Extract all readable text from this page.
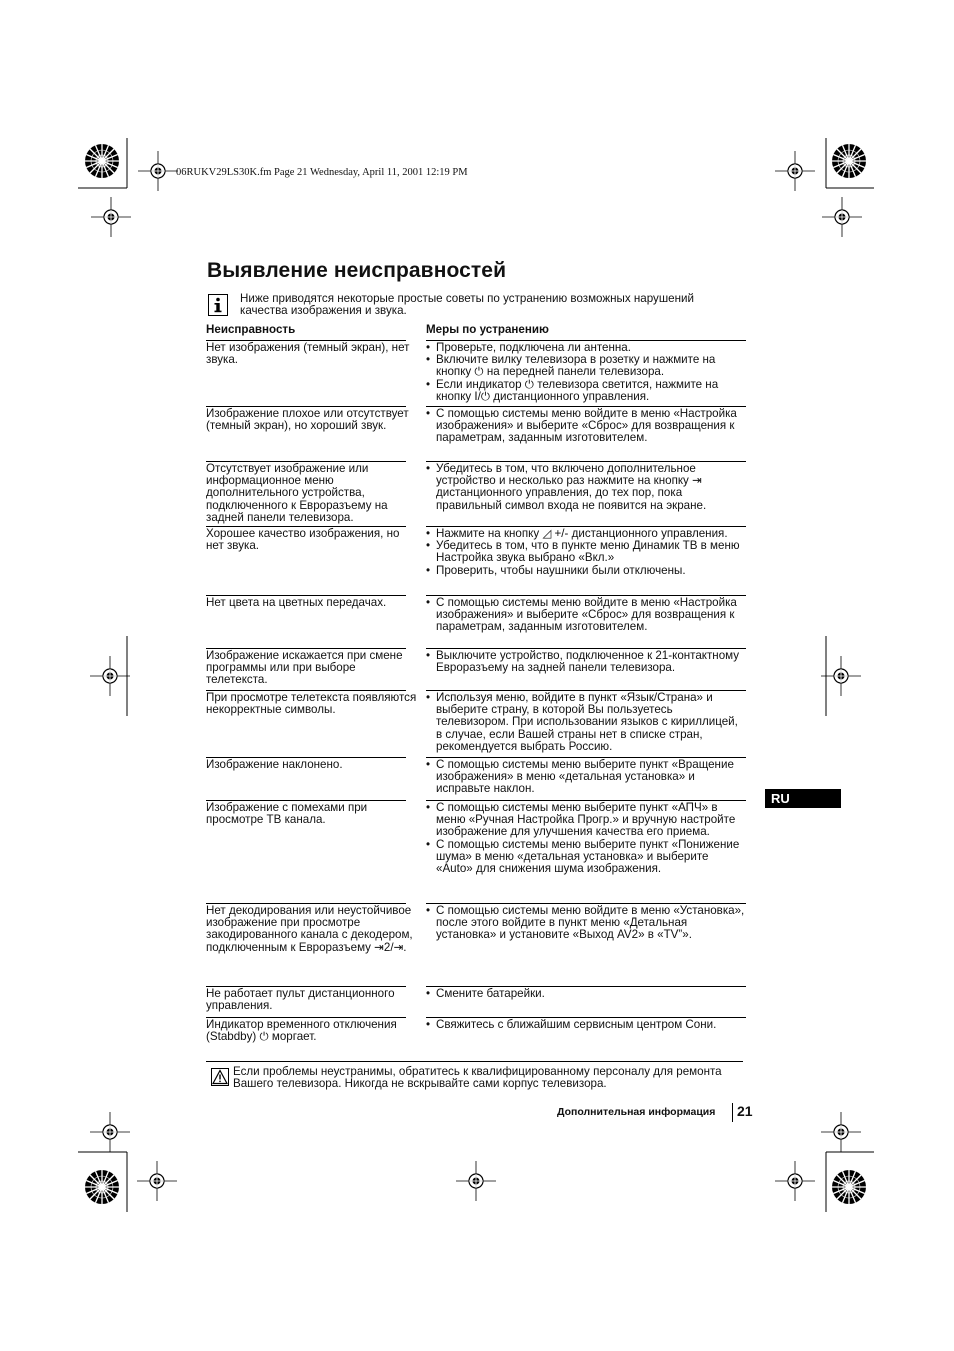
06RUKV29LS30K.fm Page 21 Wednesday, April 11, 2001 12:19 PM
Выявление неисправностей
Ниже приводятся некоторые простые советы по устранению возможных нарушений качества изображения и звука.
Неисправность	Меры по устранению
Нет изображения (темный экран), нет звука.
• Проверьте, подключена ли антенна.
• Включите вилку телевизора в розетку и нажмите на кнопку ⏻ на передней панели телевизора.
• Если индикатор ⏻ телевизора светится, нажмите на кнопку I/⏻ дистанционного управления.
Изображение плохое или отсутствует (темный экран), но хороший звук.
• С помощью системы меню войдите в меню «Настройка изображения» и выберите «Сброс» для возвращения к параметрам, заданным изготовителем.
Отсутствует изображение или информационное меню дополнительного устройства, подключенного к Еврoразъему на задней панели телевизора.
• Убедитесь в том, что включено дополнительное устройство и несколько раз нажмите на кнопку ⇥ дистанционного управления, до тех пор, пока правильный символ входа не появится на экране.
Хорошее качество изображения, но нет звука.
• Нажмите на кнопку ◿ +/- дистанционного управления.
• Убедитесь в том, что в пункте меню Динамик ТВ в меню Настройка звука выбрано «Вкл.»
• Проверить, чтобы наушники были отключены.
Нет цвета на цветных передачах.	• С помощью системы меню войдите в меню «Настройка изображения» и выберите «Сброс» для возвращения к параметрам, заданным изготовителем.
Изображение искажается при смене программы или при выборе телетекста.
• Выключите устройство, подключенное к 21-контактному Еврoразъему на задней панели телевизора.
При просмотре телетекста появляются некорректные символы.
• Используя меню, войдите в пункт «Язык/Страна» и выберите страну, в которой Вы пользуетесь телевизором. При использовании языков с кириллицей, в случае, если Вашей страны нет в списке стран, рекомендуется выбрать Россию.
Изображение наклонено.	• С помощью системы меню выберите пункт «Вращение изображения» в меню «детальная установка» и исправьте наклон.
Изображение с помехами при просмотре ТВ канала.
• С помощью системы меню выберите пункт «АПЧ» в меню «Ручная Настройка Прогр.» и вручную настройте изображение для улучшения качества его приема.
• С помощью системы меню выберите пункт «Понижение шума» в меню «детальная установка» и выберите «Auto» для снижения шума изображения.
Нет декодирования или неустойчивое изображение при просмотре закодированного канала с декодером, подключенным к Еврoразъему ⇥2/⇥.
• С помощью системы меню войдите в меню «Установка», после этого войдите в пункт меню «Детальная установка» и установите «Выход AV2» в «TV”».
Не работает пульт дистанционного управления.
• Смените батарейки.
Индикатор временного отключения (Stabdby) ⏻ моргает.
• Свяжитесь с ближайшим сервисным центром Сони.
RU
Если проблемы неустранимы, обратитесь к квалифицированному персоналу для ремонта Вашего телевизора. Никогда не вскрывайте сами корпус телевизора.
Дополнительная информация 21
